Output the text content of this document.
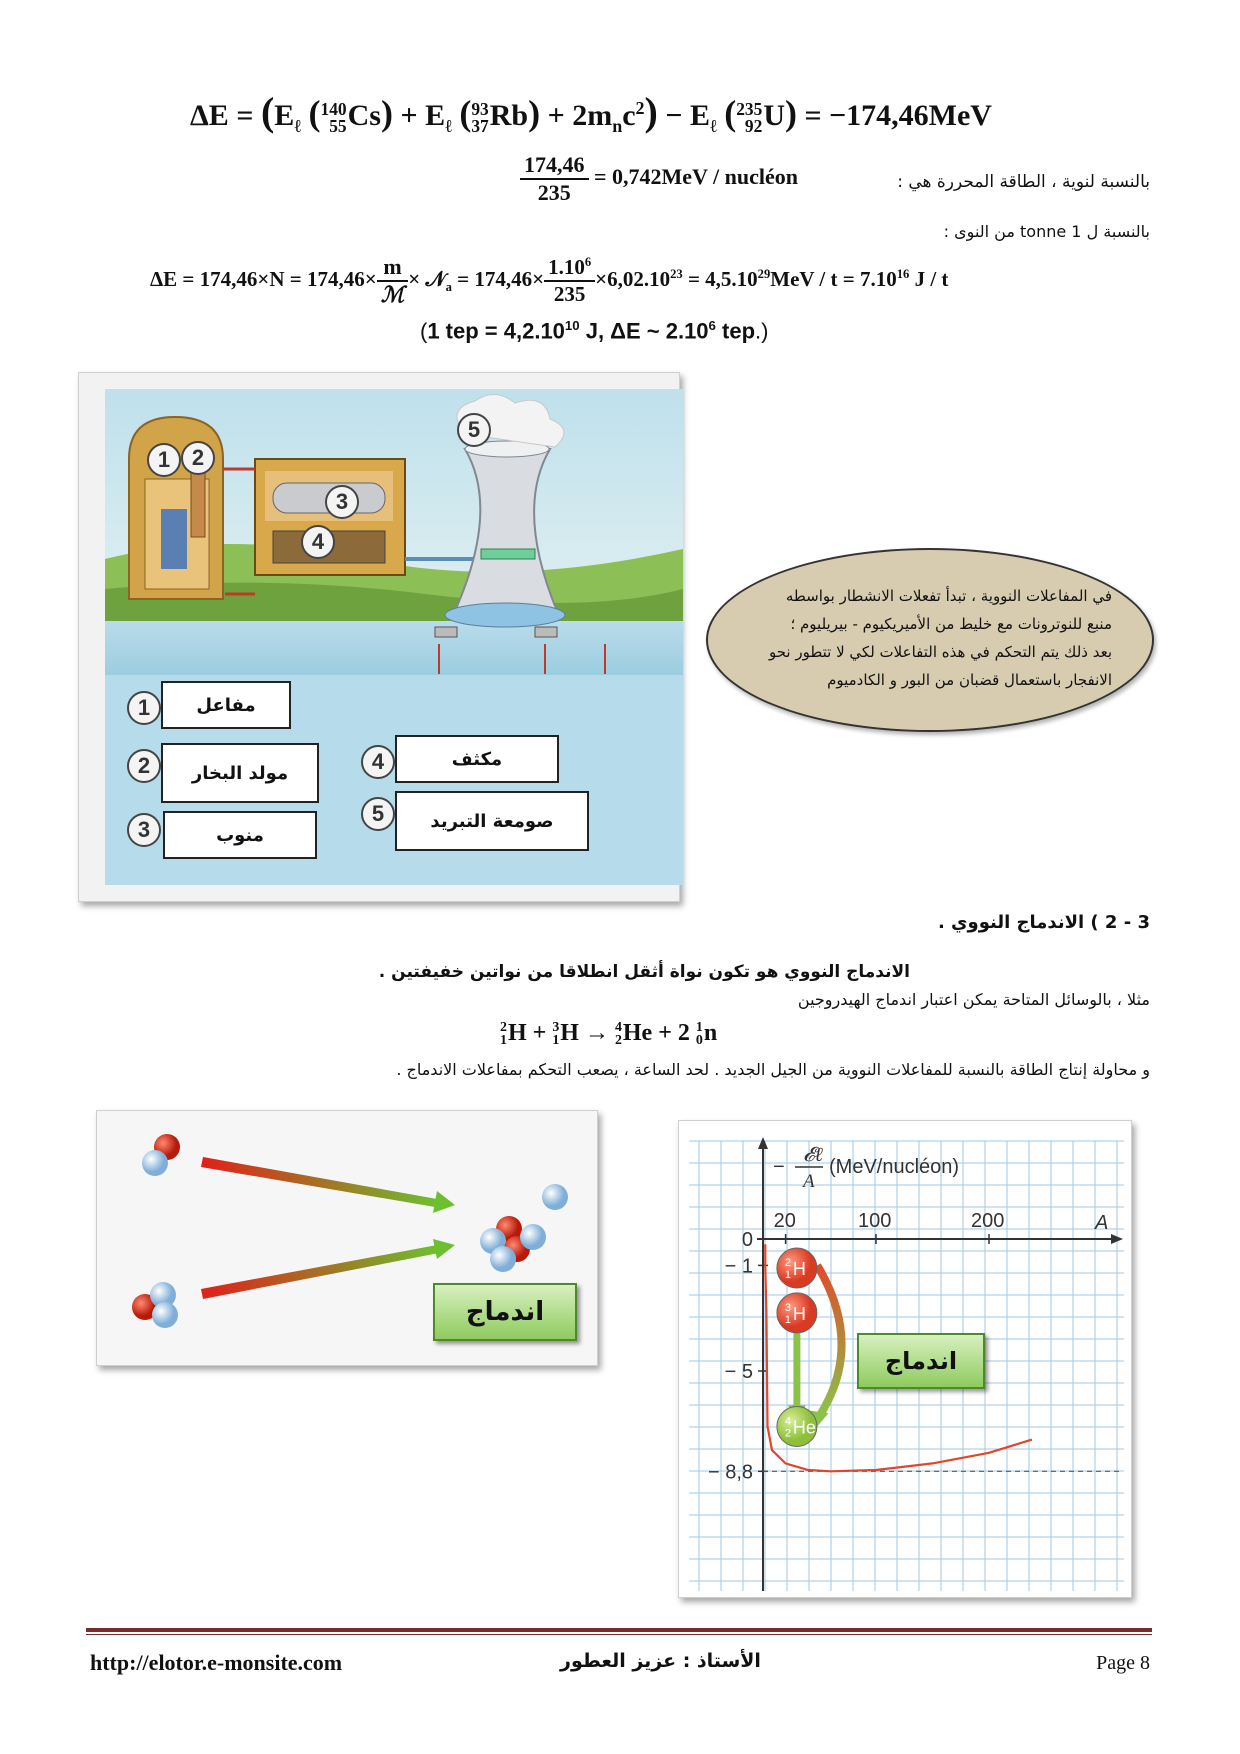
$\Delta E = (E_\ell$ ( 140
55 $Cs) + E_\ell$ ( 93
37 $Rb) + 2m_nc^2) - E_\ell$ ( 235
92 U) = −174,46MeV
بالنسبة لنوية ، الطاقة المحررة هي :
$\frac{174,46}{235} = 0,742MeV$ / nucléon
بالنسبة ل 1 tonne من النوى :
$\Delta E = 174,46\times N = 174,46\times \frac{m}{\text{ℳ}}$ × 𝒩$_a$ = $174,46\times \frac{1.10^6}{235} \times 6,02.10^{23} = 4,5.10^{29}MeV / t = 7.10^{16}$ J / t
(1 tep = $4,2.10^{10}$ J, ΔE ~ 2.10$^6$ tep.)
1 2
3
4
5
1	مفاعل
2	مولد البخار
3	منوب
4	مكثف
5	صومعة التبريد
في المفاعلات النووية ، تبدأ تفعلات الانشطار بواسطه
منبع للنوترونات مع خليط من الأميريكيوم - بيريليوم ؛
بعد ذلك يتم التحكم في هذه التفاعلات لكي لا تتطور نحو
الانفجار باستعمال قضبان من البور و الكادميوم
3 - 2 ) الاندماج النووي .
الاندماج النووي هو تكون نواة أثقل انطلاقا من نواتين خفيفتين .
مثلا ، بالوسائل المتاحة يمكن اعتبار اندماج الهيدروجين
2
1 H + 3
1 H → 4
2 He + 2 1
0 n
و محاولة إنتاج الطاقة بالنسبة للمفاعلات النووية من الجيل الجديد . لحد الساعة ، يصعب التحكم بمفاعلات الاندماج .
اندماج
𝓔ℓ
A
− (MeV/nucléon)
A
20	100	200
0
− 1
− 5
− 8,8
2
1 H
3
1 H
4
2 He
اندماج
http://elotor.e-monsite.com	الأستاذ : عزيز العطور	Page 8
